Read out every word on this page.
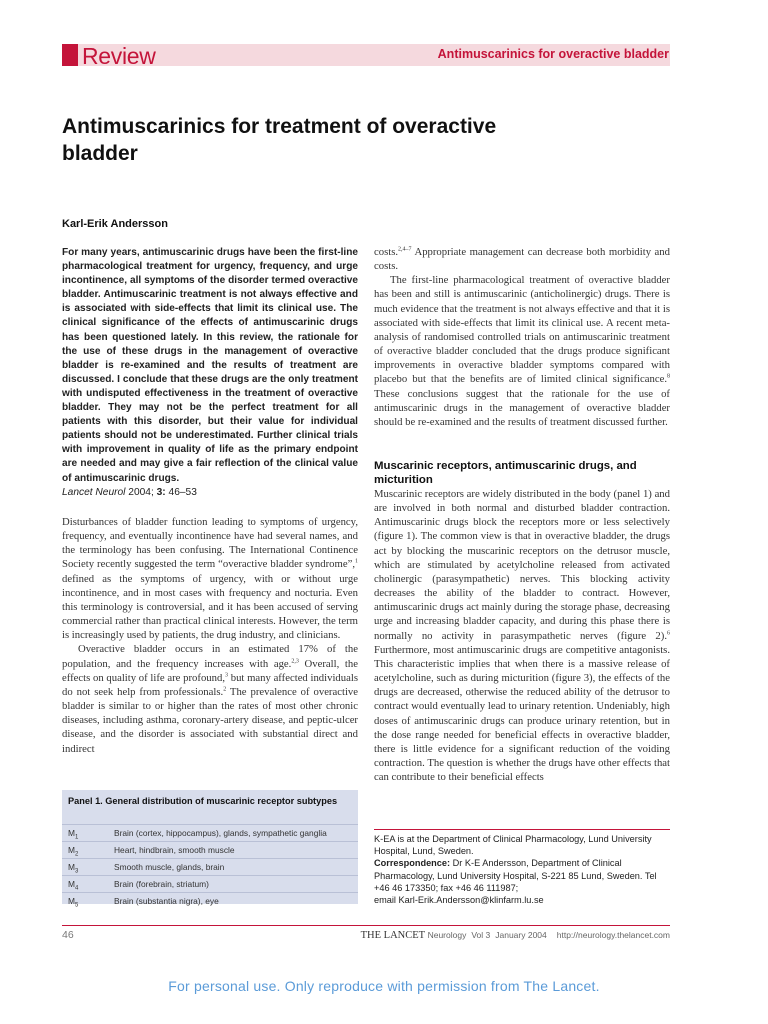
Review	Antimuscarinics for overactive bladder
Antimuscarinics for treatment of overactive
bladder
Karl-Erik Andersson

For many years, antimuscarinic drugs have been the first-line pharmacological treatment for urgency, frequency, and urge incontinence, all symptoms of the disorder termed overactive bladder. Antimuscarinic treatment is not always effective and is associated with side-effects that limit its clinical use. The clinical significance of the effects of antimuscarinic drugs has been questioned lately. In this review, the rationale for the use of these drugs in the management of overactive bladder is re-examined and the results of treatment are discussed. I conclude that these drugs are the only treatment with undisputed effectiveness in the treatment of overactive bladder. They may not be the perfect treatment for all patients with this disorder, but their value for individual patients should not be underestimated. Further clinical trials with improvement in quality of life as the primary endpoint are needed and may give a fair reflection of the clinical value of antimuscarinic drugs.

Lancet Neurol 2004; 3: 46–53

Disturbances of bladder function leading to symptoms of urgency, frequency, and eventually incontinence have had several names, and the terminology has been confusing. The International Continence Society recently suggested the term “overactive bladder syndrome”,$^1$ defined as the symptoms of urgency, with or without urge incontinence, and in most cases with frequency and nocturia. Even this terminology is controversial, and it has been accused of serving commercial rather than practical clinical interests. However, the term is increasingly used by patients, the drug industry, and clinicians.

Overactive bladder occurs in an estimated 17% of the population, and the frequency increases with age.$^{2,3}$ Overall, the effects on quality of life are profound,$^3$ but many affected individuals do not seek help from professionals.$^2$ The prevalence of overactive bladder is similar to or higher than the rates of most other chronic diseases, including asthma, coronary-artery disease, and peptic-ulcer disease, and the disorder is associated with substantial direct and indirect

costs.$^{2,4-7}$ Appropriate management can decrease both morbidity and costs.

The first-line pharmacological treatment of overactive bladder has been and still is antimuscarinic (anticholinergic) drugs. There is much evidence that the treatment is not always effective and that it is associated with side-effects that limit its clinical use. A recent meta-analysis of randomised controlled trials on antimuscarinic treatment of overactive bladder concluded that the drugs produce significant improvements in overactive bladder symptoms compared with placebo but that the benefits are of limited clinical significance.$^8$ These conclusions suggest that the rationale for the use of antimuscarinic drugs in the management of overactive bladder should be re-examined and the results of treatment discussed further.

Muscarinic receptors, antimuscarinic drugs, and micturition

Muscarinic receptors are widely distributed in the body (panel 1) and are involved in both normal and disturbed bladder contraction. Antimuscarinic drugs block the receptors more or less selectively (figure 1). The common view is that in overactive bladder, the drugs act by blocking the muscarinic receptors on the detrusor muscle, which are stimulated by acetylcholine released from activated cholinergic (parasympathetic) nerves. This blocking activity decreases the ability of the bladder to contract. However, antimuscarinic drugs act mainly during the storage phase, decreasing urge and increasing bladder capacity, and during this phase there is normally no activity in parasympathetic nerves (figure 2).$^6$ Furthermore, most antimuscarinic drugs are competitive antagonists. This characteristic implies that when there is a massive release of acetylcholine, such as during micturition (figure 3), the effects of the drugs are decreased, otherwise the reduced ability of the detrusor to contract would eventually lead to urinary retention. Undeniably, high doses of antimuscarinic drugs can produce urinary retention, but in the dose range needed for beneficial effects in overactive bladder, there is little evidence for a significant reduction of the voiding contraction. The question is whether the drugs have other effects that can contribute to their beneficial effects

Panel 1. General distribution of muscarinic receptor subtypes
$M_1$	Brain (cortex, hippocampus), glands, sympathetic ganglia
$M_2$	Heart, hindbrain, smooth muscle
$M_3$	Smooth muscle, glands, brain
$M_4$	Brain (forebrain, striatum)
$M_5$	Brain (substantia nigra), eye

K-EA is at the Department of Clinical Pharmacology, Lund University Hospital, Lund, Sweden.

Correspondence: Dr K-E Andersson, Department of Clinical Pharmacology, Lund University Hospital, S-221 85 Lund, Sweden. Tel +46 46 173350; fax +46 46 111987;

email Karl-Erik.Andersson@klinfarm.lu.se

46	THE LANCET Neurology Vol 3 January 2004 http://neurology.thelancet.com
For personal use. Only reproduce with permission from The Lancet.
